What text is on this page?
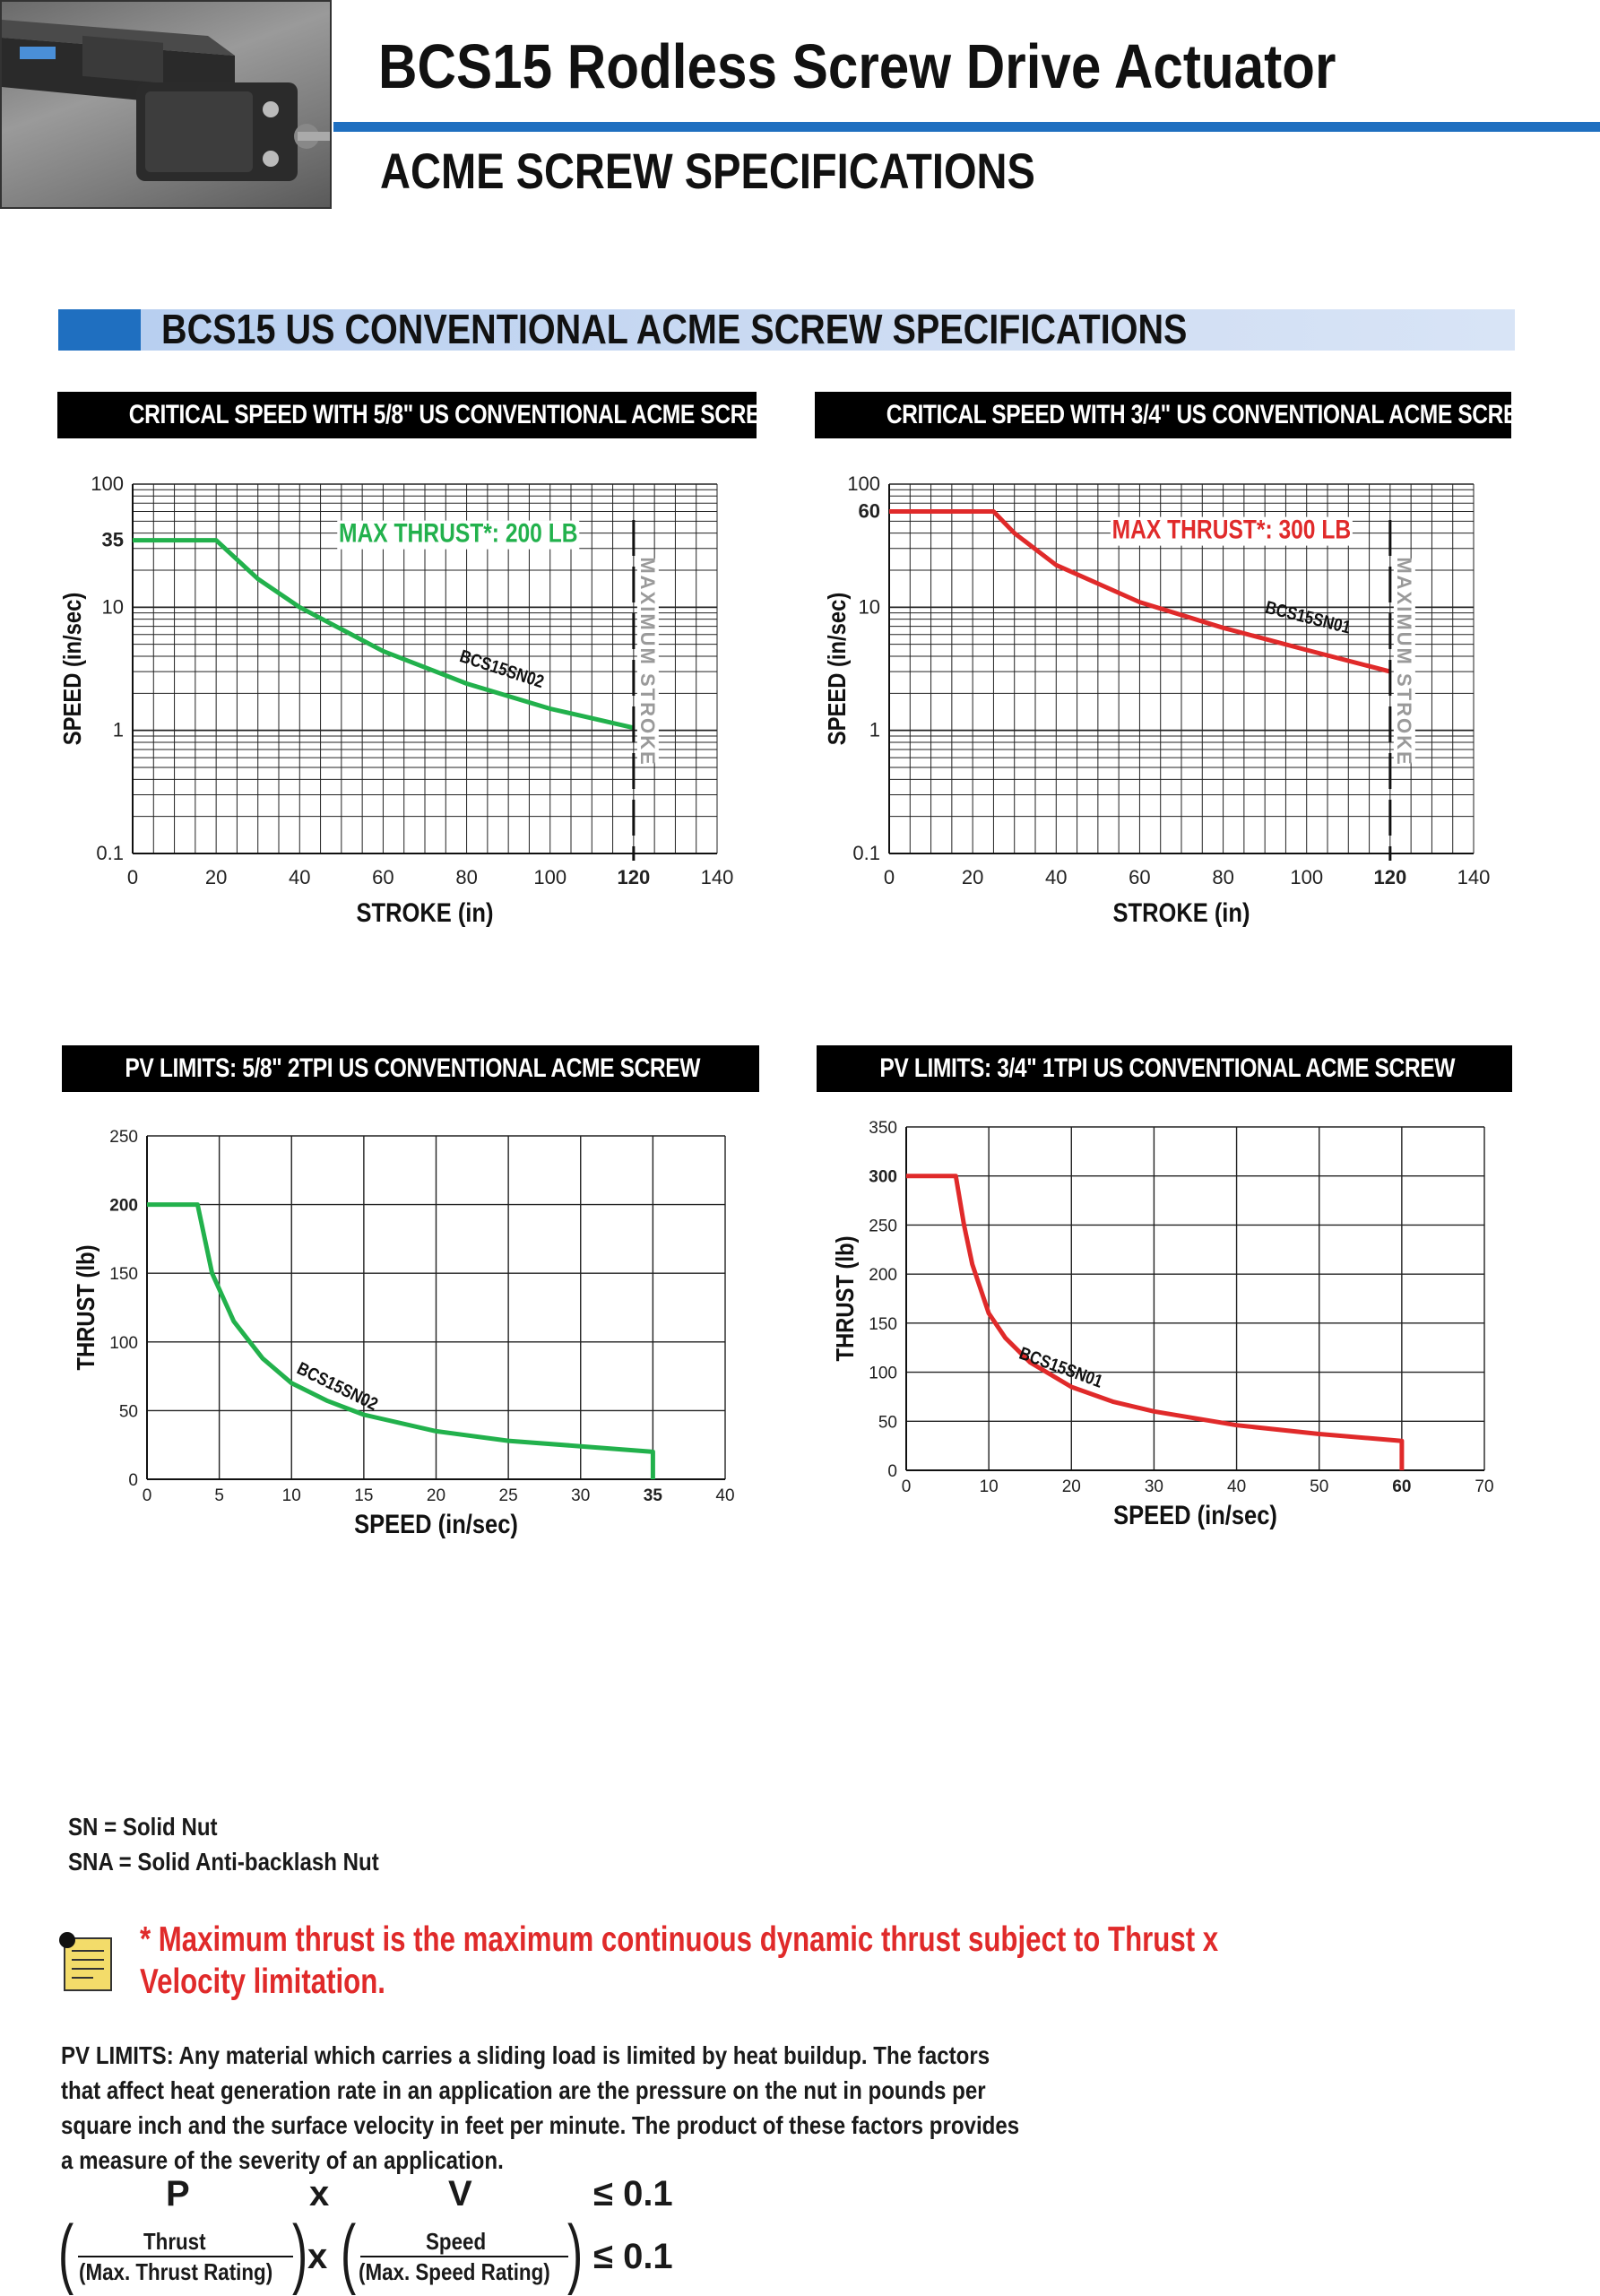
BCS15 Rodless Screw Drive Actuator
ACME SCREW SPECIFICATIONS
BCS15 US CONVENTIONAL ACME SCREW SPECIFICATIONS
CRITICAL SPEED WITH 5/8" US CONVENTIONAL ACME SCREW	CRITICAL SPEED WITH 3/4" US CONVENTIONAL ACME SCREW
PV LIMITS: 5/8" 2TPI US CONVENTIONAL ACME SCREW	PV LIMITS: 3/4" 1TPI US CONVENTIONAL ACME SCREW
0	20	40	60	80	100	120	140
0.1
1
10
35
100
STROKE (in)
SPEED (in/sec)	BCS15SN02
MAX THRUST*: 200 LB
MAXIMUM STROKE
0	20	40	60	80	100	120	140
0.1
1
10
60
100
STROKE (in)
SPEED (in/sec)	BCS15SN01
MAX THRUST*: 300 LB
MAXIMUM STROKE
0	5	10	15	20	25	30	35	40
0
50
100
150
200
250
SPEED (in/sec)
THRUST (lb)
BCS15SN02
0	10	20	30	40	50	60	70
0
50
100
150
200
250
300
350
SPEED (in/sec)
THRUST (lb)
BCS15SN01
SN = Solid Nut
SNA = Solid Anti-backlash Nut
* Maximum thrust is the maximum continuous dynamic thrust subject to Thrust x
Velocity limitation.
PV LIMITS: Any material which carries a sliding load is limited by heat buildup. The factors
that affect heat generation rate in an application are the pressure on the nut in pounds per
square inch and the surface velocity in feet per minute. The product of these factors provides
a measure of the severity of an application.
P	x	V	≤ 0.1
(	Thrust
(Max. Thrust Rating) ) x (	Speed
(Max. Speed Rating) ) ≤ 0.1
